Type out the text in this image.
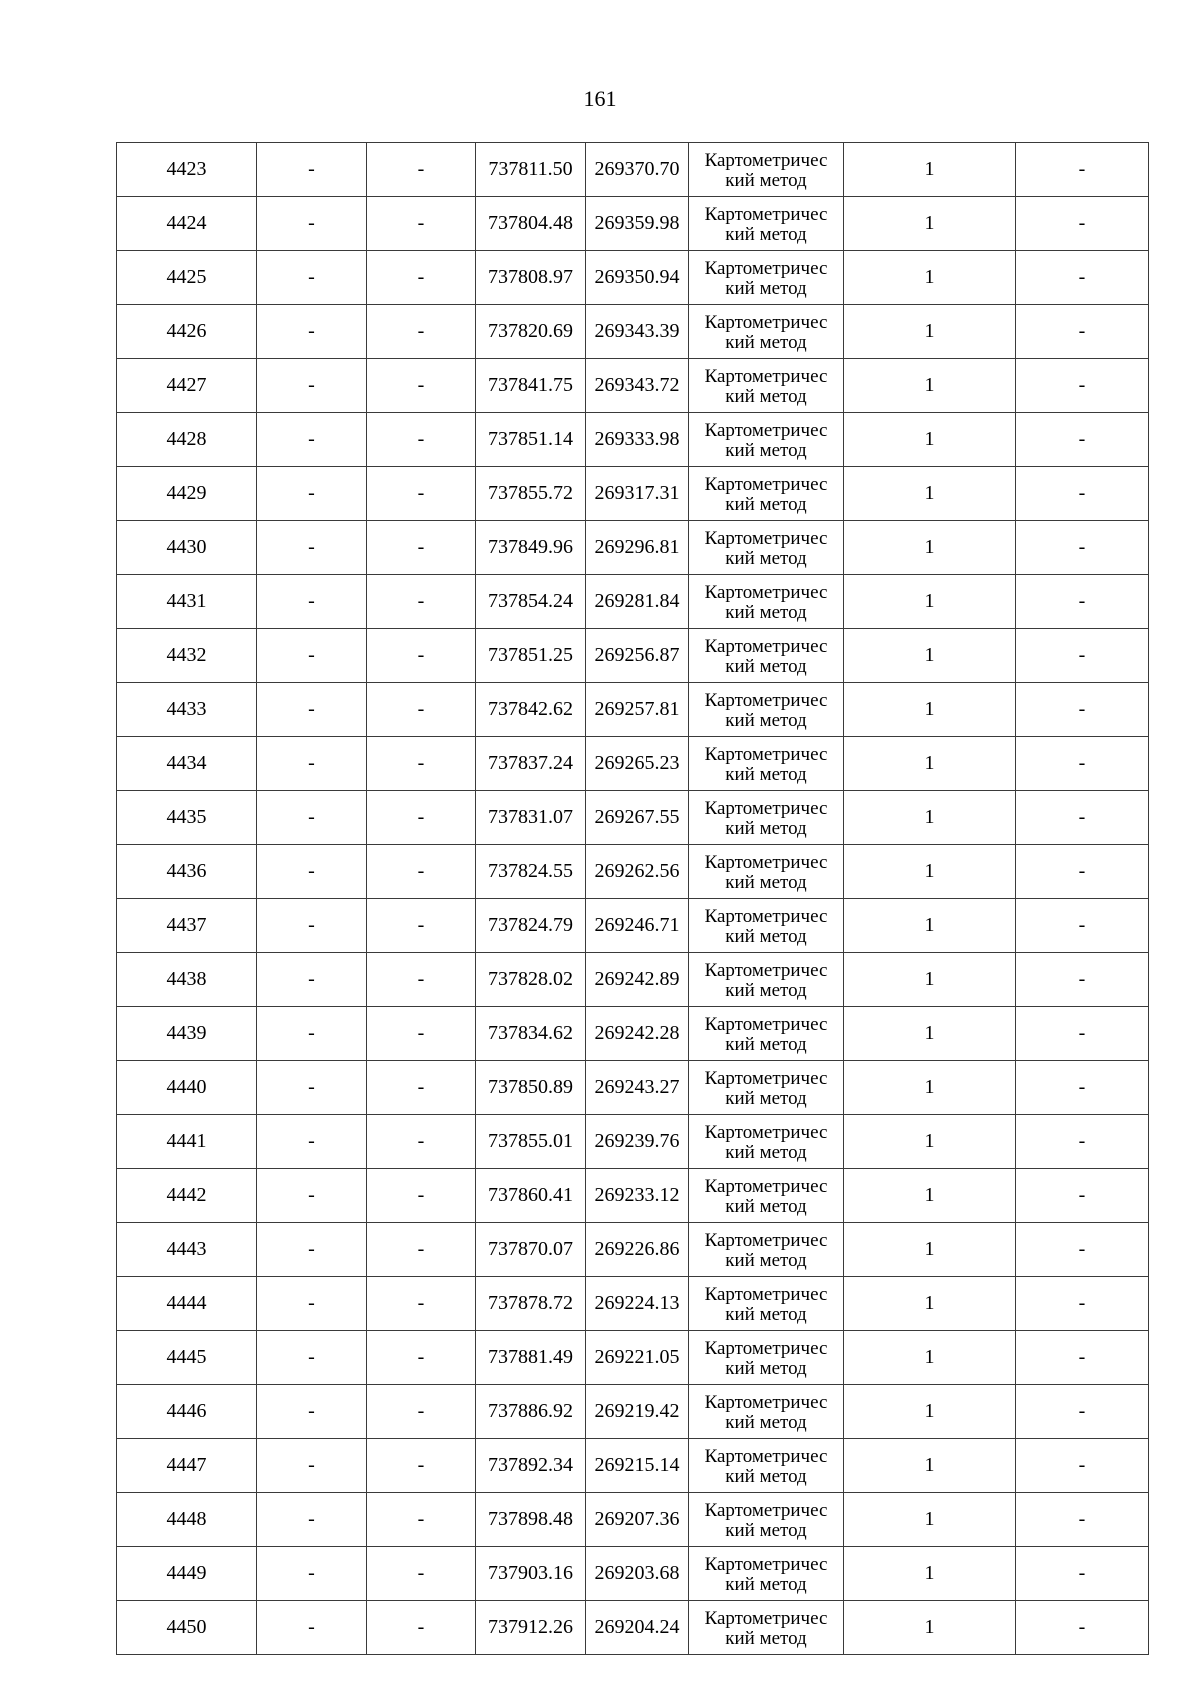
161
4423	-	-	737811.50	269370.70	Картометричес
кий метод	1	-
4424	-	-	737804.48	269359.98	Картометричес
кий метод	1	-
4425	-	-	737808.97	269350.94	Картометричес
кий метод	1	-
4426	-	-	737820.69	269343.39	Картометричес
кий метод	1	-
4427	-	-	737841.75	269343.72	Картометричес
кий метод	1	-
4428	-	-	737851.14	269333.98	Картометричес
кий метод	1	-
4429	-	-	737855.72	269317.31	Картометричес
кий метод	1	-
4430	-	-	737849.96	269296.81	Картометричес
кий метод	1	-
4431	-	-	737854.24	269281.84	Картометричес
кий метод	1	-
4432	-	-	737851.25	269256.87	Картометричес
кий метод	1	-
4433	-	-	737842.62	269257.81	Картометричес
кий метод	1	-
4434	-	-	737837.24	269265.23	Картометричес
кий метод	1	-
4435	-	-	737831.07	269267.55	Картометричес
кий метод	1	-
4436	-	-	737824.55	269262.56	Картометричес
кий метод	1	-
4437	-	-	737824.79	269246.71	Картометричес
кий метод	1	-
4438	-	-	737828.02	269242.89	Картометричес
кий метод	1	-
4439	-	-	737834.62	269242.28	Картометричес
кий метод	1	-
4440	-	-	737850.89	269243.27	Картометричес
кий метод	1	-
4441	-	-	737855.01	269239.76	Картометричес
кий метод	1	-
4442	-	-	737860.41	269233.12	Картометричес
кий метод	1	-
4443	-	-	737870.07	269226.86	Картометричес
кий метод	1	-
4444	-	-	737878.72	269224.13	Картометричес
кий метод	1	-
4445	-	-	737881.49	269221.05	Картометричес
кий метод	1	-
4446	-	-	737886.92	269219.42	Картометричес
кий метод	1	-
4447	-	-	737892.34	269215.14	Картометричес
кий метод	1	-
4448	-	-	737898.48	269207.36	Картометричес
кий метод	1	-
4449	-	-	737903.16	269203.68	Картометричес
кий метод	1	-
4450	-	-	737912.26	269204.24	Картометричес
кий метод	1	-
